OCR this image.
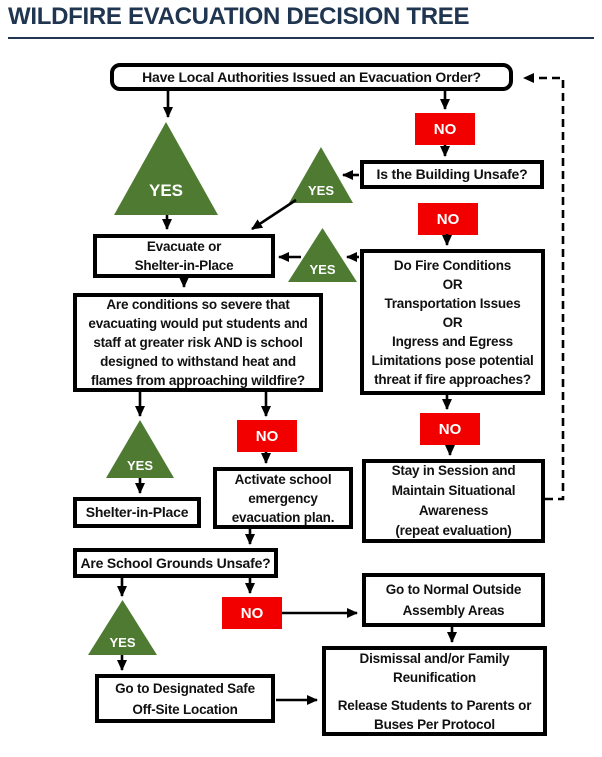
WILDFIRE EVACUATION DECISION TREE
Have Local Authorities Issued an Evacuation Order?
Is the Building Unsafe?
Evacuate or
Shelter-in-Place	Do Fire Conditions
OR
Transportation Issues
OR
Ingress and Egress
Limitations pose potential
threat if fire approaches?
Are conditions so severe that
evacuating would put students and
staff at greater risk AND is school
designed to withstand heat and
flames from approaching wildfire?
Shelter-in-Place
Activate school
emergency
evacuation plan.
Stay in Session and
Maintain Situational
Awareness
(repeat evaluation)
Are School Grounds Unsafe?
Go to Normal Outside
Assembly Areas
Go to Designated Safe
Off-Site Location
Dismissal and/or Family
Reunification
Release Students to Parents or
Buses Per Protocol
YES	YES
YES
YES
YES
NO
NO
NO
NO
NO
